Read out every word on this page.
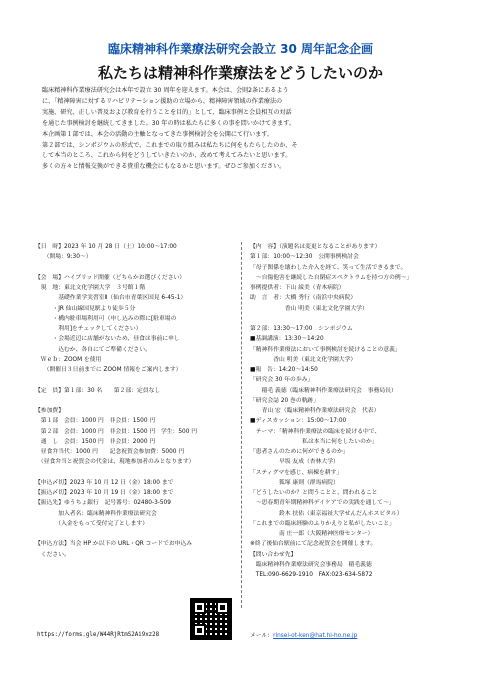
臨床精神科作業療法研究会設立 30 周年記念企画
私たちは精神科作業療法をどうしたいのか
臨床精神科作業療法研究会は本年で設立 30 周年を迎えます。本会は、会則2条にあるよう
に、「精神障害に対するリハビリテーション援助の立場から、精神障害領域の作業療法の
実施、研究、正しい普及および教育を行うことを目的」として、臨床事例と会員相互の対話
を通じた事例検討を継続してきました。30 年の時は私たちに多くの事を問いかけてきます。
本企画第１部では、本会の活動の主軸となってきた事例検討会を公開にて行います。
第２部では、シンポジウムの形式で、これまでの取り組みは私たちに何をもたらしたのか、そ
して本当のところ、これから何をどうしていきたいのか、改めて考えてみたいと思います。
多くの方々と情報交換ができる貴重な機会にもなるかと思います。ぜひご参加ください。
【日　時】2023 年 10 月 28 日（土）10:00～17:00
　　（開場：9:30～）

【会　場】ハイブリッド開催（どちらかお選びください）
　現　地：東北文化学園大学　３号館１階
　　　　基礎作業学実習室Ⅱ（仙台市青葉区国見 6-45-1）
　　　・JR 仙山線国見駅より徒歩５分
　　　・構内駐車場利用可（申し込みの際に[駐車場の
　　　　利用]をチェックしてください）
　　　・会場近辺に店舗がないため、昼食は事前に申し
　　　　込むか、各自にてご準備ください。
　Ｗｅｂ：ZOOM を使用
　　（開催日３日前までに ZOOM 情報をご案内します）

【定　員】第１部：30 名　　第２部：定員なし

【参加費】
　第１部　会員：1000 円　非会員：1500 円
　第２部　会員：1000 円　非会員：1500 円　学生：500 円
　通　し　会員：1500 円　非会員：2000 円
　昼食弁当代：1000 円　　記念祝賀会参加費：5000 円
　（昼食弁当と祝賀会の代金は、現地参加者のみとなります）

【申込〆切】2023 年 10 月 12 日（金）18:00 まで
【振込〆切】2023 年 10 月 19 日（金）18:00 まで
【振込先】ゆうちょ銀行　記号番号：02480-3-509
　　　　加入者名：臨床精神科作業療法研究会
　　　　（入金をもって受付完了とします）

【申込方法】当会 HP か以下の URL・QR コードでお申込み
　ください。
【内　容】（演題名は変更となることがあります）
第１部：10:00～12:30　公開事例検討会
「母子関係を壊わした介入を経て、笑って生活できるまで。
　～自傷他害を継続した自閉症スペクトラムを持つ方の例～」
事例提供者：下山 綾美（青木病院）
助　言　者：大橋 秀行（南浜中央病院）
　　　　　　香山 明美（東北文化学園大学）

第２部：13:30～17:00　シンポジウム
■基調講演：13:30～14:20
「精神科作業療法において事例検討を続けることの意義」
　　　　香山 明美（東北文化学園大学）
■報　告：14:20～14:50
「研究会 30 年の歩み」
　　稲毛 義徳（臨床精神科作業療法研究会　事務局長）
「研究会誌 20 巻の軌跡」
　　青山 宏（臨床精神科作業療法研究会　代表）
■ディスカッション：15:00～17:00
　テーマ：「精神科作業療法の臨床を続ける中で、
　　　　　　　　　私は本当に何をしたいのか」
「患者さんのために何ができるのか」
　　　　　早坂 友成（杏林大学）
「スティグマを感じ、病棟を耕す」
　　　　　狐塚 康則（群馬病院）
「どうしたいのか？と問うことと、問われること
　～思春期青年期精神科デイケアでの実践を通して～」
　　　　　鈴木 扶佑（東京福祉大学せんだんホスピタル）
「これまでの臨床経験のふりかえりと私がしたいこと」
　　　　　南 庄一郎（大阪精神医療センター）
※終了後仙台駅前にて記念祝賀会を開催します。
【問い合わせ先】
　臨床精神科作業療法研究会事務局　稲毛義徳
　TEL:090-6629-1910　FAX:023-634-5872
https://forms.gle/W44RjRtmS2Ai9xz28	メール：rinsei-ot-ken@hat.hi-ho.ne.jp
